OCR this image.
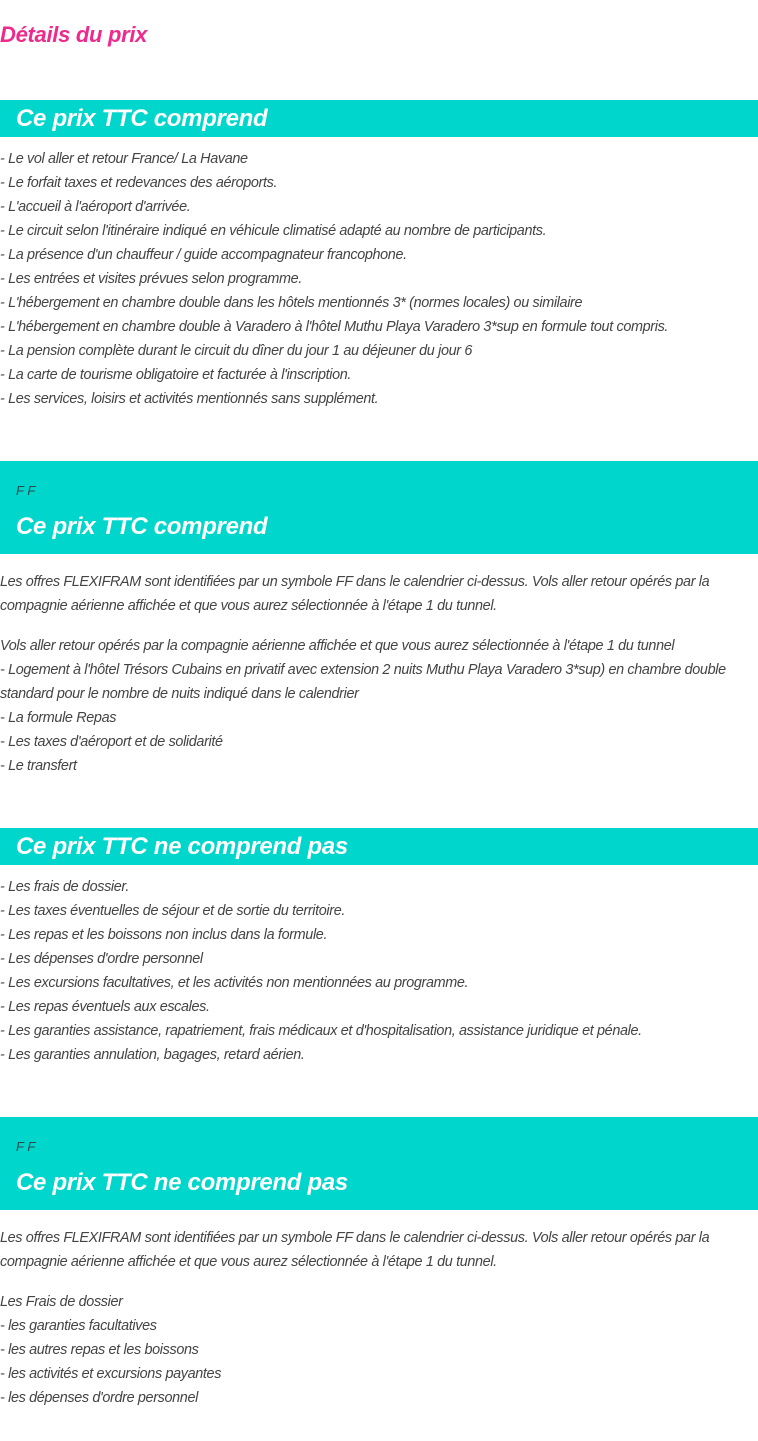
Détails du prix
Ce prix TTC comprend
- Le vol aller et retour France/ La Havane
- Le forfait taxes et redevances des aéroports.
- L'accueil à l'aéroport d'arrivée.
- Le circuit selon l'itinéraire indiqué en véhicule climatisé adapté au nombre de participants.
- La présence d'un chauffeur / guide accompagnateur francophone.
- Les entrées et visites prévues selon programme.
- L'hébergement en chambre double dans les hôtels mentionnés 3* (normes locales) ou similaire
- L'hébergement en chambre double à Varadero à l'hôtel Muthu Playa Varadero 3*sup en formule tout compris.
- La pension complète durant le circuit du dîner du jour 1 au déjeuner du jour 6
- La carte de tourisme obligatoire et facturée à l'inscription.
- Les services, loisirs et activités mentionnés sans supplément.
F F
Ce prix TTC comprend

Les offres FLEXIFRAM sont identifiées par un symbole FF dans le calendrier ci-dessus. Vols aller retour opérés par la compagnie aérienne affichée et que vous aurez sélectionnée à l'étape 1 du tunnel.

Vols aller retour opérés par la compagnie aérienne affichée et que vous aurez sélectionnée à l'étape 1 du tunnel
- Logement à l'hôtel Trésors Cubains en privatif avec extension 2 nuits Muthu Playa Varadero 3*sup) en chambre double standard pour le nombre de nuits indiqué dans le calendrier
- La formule Repas
- Les taxes d'aéroport et de solidarité
- Le transfert
Ce prix TTC ne comprend pas
- Les frais de dossier.
- Les taxes éventuelles de séjour et de sortie du territoire.
- Les repas et les boissons non inclus dans la formule.
- Les dépenses d'ordre personnel
- Les excursions facultatives, et les activités non mentionnées au programme.
- Les repas éventuels aux escales.
- Les garanties assistance, rapatriement, frais médicaux et d'hospitalisation, assistance juridique et pénale.
- Les garanties annulation, bagages, retard aérien.
F F
Ce prix TTC ne comprend pas

Les offres FLEXIFRAM sont identifiées par un symbole FF dans le calendrier ci-dessus. Vols aller retour opérés par la compagnie aérienne affichée et que vous aurez sélectionnée à l'étape 1 du tunnel.

Les Frais de dossier
- les garanties facultatives
- les autres repas et les boissons
- les activités et excursions payantes
- les dépenses d'ordre personnel
